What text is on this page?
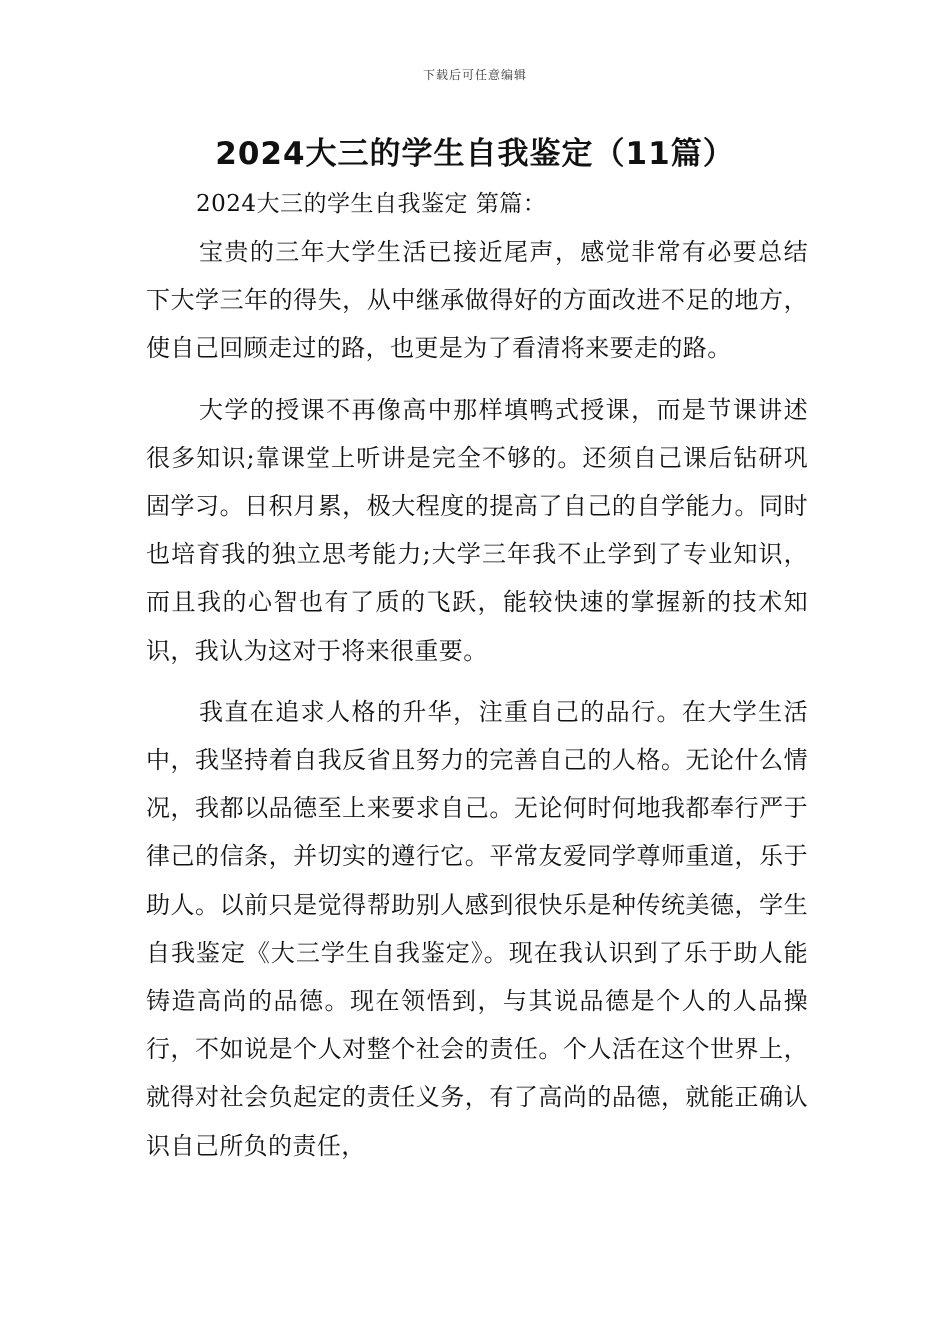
下载后可任意编辑
2024大三的学生自我鉴定（11篇）
2024大三的学生自我鉴定 第篇：

宝贵的三年大学生活已接近尾声，感觉非常有必要总结下大学三年的得失，从中继承做得好的方面改进不足的地方，使自己回顾走过的路，也更是为了看清将来要走的路。

大学的授课不再像高中那样填鸭式授课，而是节课讲述很多知识;靠课堂上听讲是完全不够的。还须自己课后钻研巩固学习。日积月累，极大程度的提高了自己的自学能力。同时也培育我的独立思考能力;大学三年我不止学到了专业知识，而且我的心智也有了质的飞跃，能较快速的掌握新的技术知识，我认为这对于将来很重要。

我直在追求人格的升华，注重自己的品行。在大学生活中，我坚持着自我反省且努力的完善自己的人格。无论什么情况，我都以品德至上来要求自己。无论何时何地我都奉行严于律己的信条，并切实的遵行它。平常友爱同学尊师重道，乐于助人。以前只是觉得帮助别人感到很快乐是种传统美德，学生自我鉴定《大三学生自我鉴定》。现在我认识到了乐于助人能铸造高尚的品德。现在领悟到，与其说品德是个人的人品操行，不如说是个人对整个社会的责任。个人活在这个世界上，就得对社会负起定的责任义务，有了高尚的品德，就能正确认识自己所负的责任，
